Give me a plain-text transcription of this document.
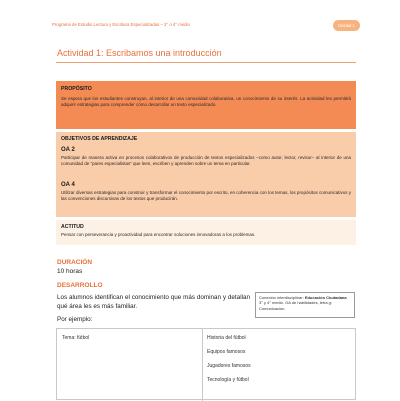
Programa de Estudio Lectura y Escritura Especializadas – 3° o 4° medio	Unidad 1
Actividad 1: Escribamos una introducción
PROPÓSITO
Se espera que los estudiantes construyan, al interior de una comunidad colaborativa, un conocimiento de su interés. La actividad les permitirá adquirir estrategias para comprender cómo desarrollar un texto especializado.
OBJETIVOS DE APRENDIZAJE
OA 2
Participar de manera activa en procesos colaborativos de producción de textos especializados –como autor, lector, revisor– al interior de una comunidad de “pares especialistas” que leen, escriben y aprenden sobre un tema en particular.
OA 4
Utilizar diversas estrategias para construir y transformar el conocimiento por escrito, en coherencia con los temas, los propósitos comunicativos y las convenciones discursivas de los textos que producirán.
ACTITUD
Pensar con perseverancia y proactividad para encontrar soluciones innovadoras a los problemas.
DURACIÓN
10 horas
DESARROLLO
Los alumnos identifican el conocimiento que más dominan y detallan qué área les es más familiar.
Conexión interdisciplinar: Educación Ciudadana 3° y 4° medio, OA de habilidades, letra g: Comunicación.
Por ejemplo:
Tema: fútbol	Historia del fútbol
Equipos famosos
Jugadores famosos
Tecnología y fútbol
